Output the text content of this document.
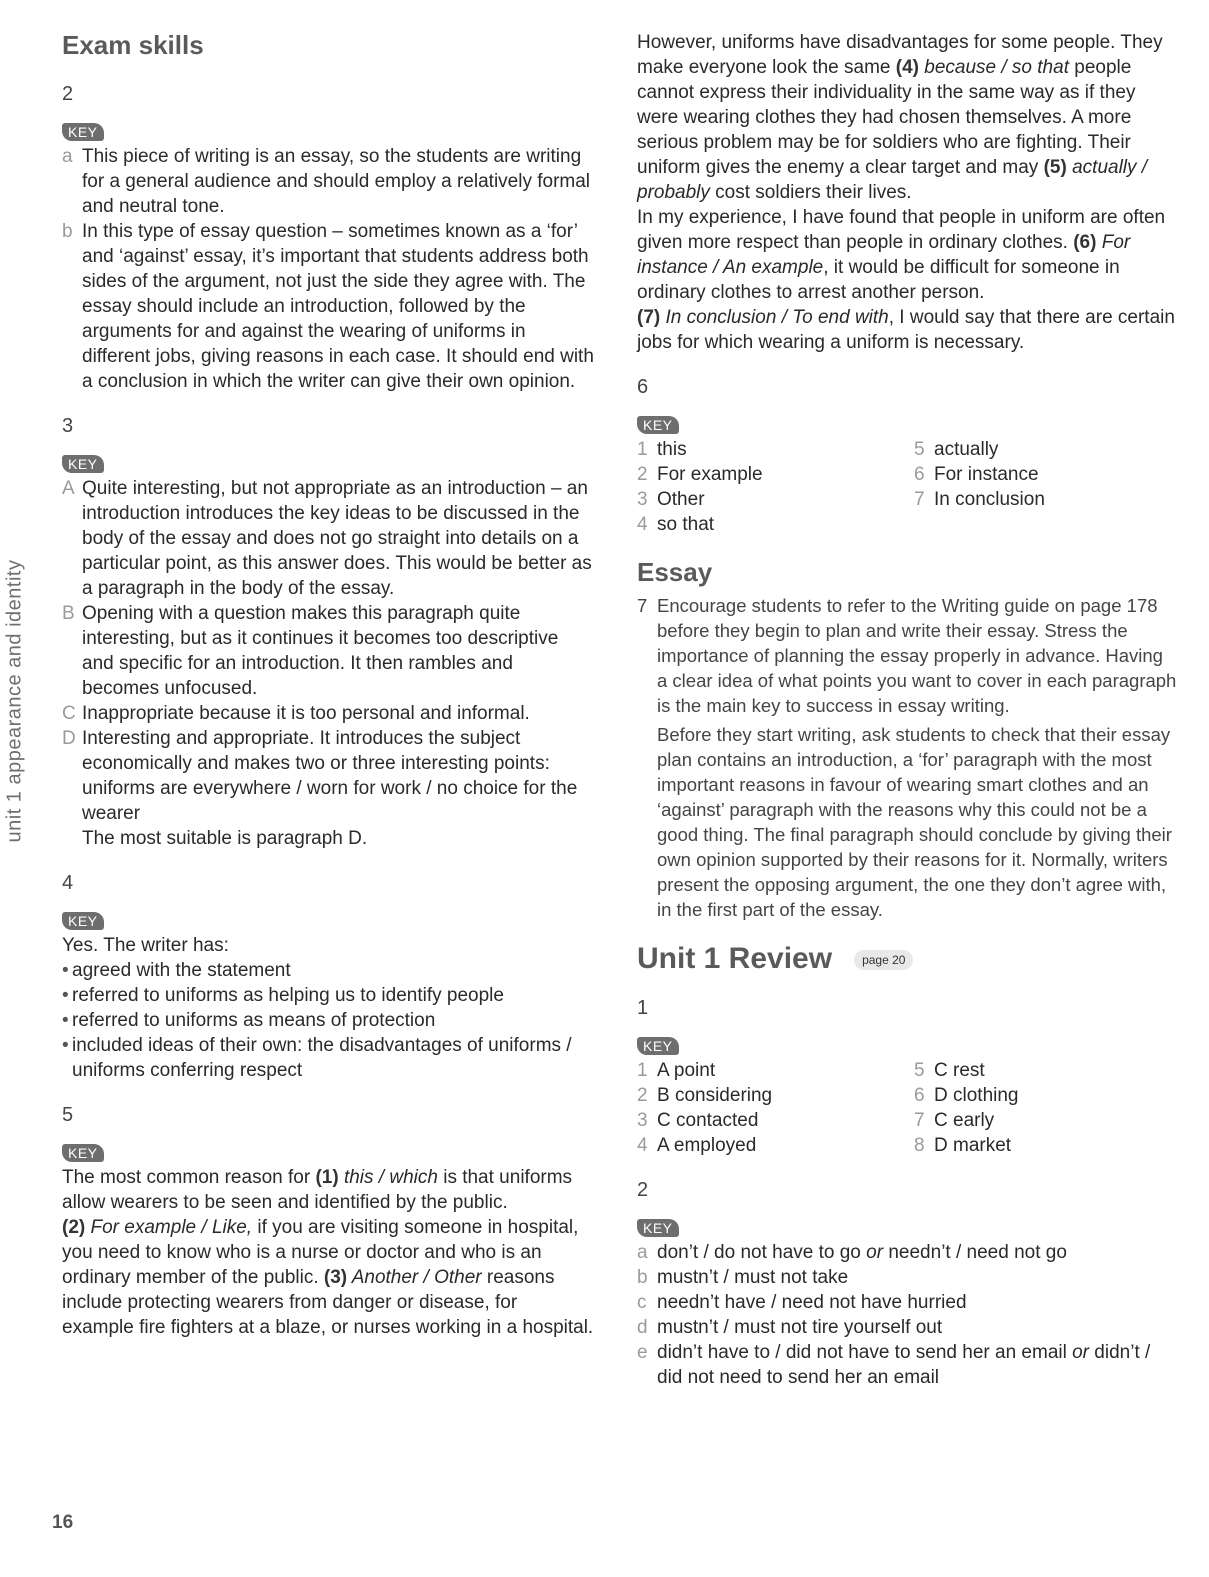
unit 1 appearance and identity
Exam skills
2
KEY
a This piece of writing is an essay, so the students are writing for a general audience and should employ a relatively formal and neutral tone.
b In this type of essay question – sometimes known as a ‘for’ and ‘against’ essay, it’s important that students address both sides of the argument, not just the side they agree with. The essay should include an introduction, followed by the arguments for and against the wearing of uniforms in different jobs, giving reasons in each case. It should end with a conclusion in which the writer can give their own opinion.
3
KEY
A Quite interesting, but not appropriate as an introduction – an introduction introduces the key ideas to be discussed in the body of the essay and does not go straight into details on a particular point, as this answer does. This would be better as a paragraph in the body of the essay.
B Opening with a question makes this paragraph quite interesting, but as it continues it becomes too descriptive and specific for an introduction. It then rambles and becomes unfocused.
C Inappropriate because it is too personal and informal.
D Interesting and appropriate. It introduces the subject economically and makes two or three interesting points: uniforms are everywhere / worn for work / no choice for the wearer
The most suitable is paragraph D.
4
KEY
Yes. The writer has:
• agreed with the statement
• referred to uniforms as helping us to identify people
• referred to uniforms as means of protection
• included ideas of their own: the disadvantages of uniforms / uniforms conferring respect
5
KEY
The most common reason for (1) this / which is that uniforms allow wearers to be seen and identified by the public.
(2) For example / Like, if you are visiting someone in hospital, you need to know who is a nurse or doctor and who is an ordinary member of the public. (3) Another / Other reasons include protecting wearers from danger or disease, for example fire fighters at a blaze, or nurses working in a hospital.
However, uniforms have disadvantages for some people. They make everyone look the same (4) because / so that people cannot express their individuality in the same way as if they were wearing clothes they had chosen themselves. A more serious problem may be for soldiers who are fighting. Their uniform gives the enemy a clear target and may (5) actually / probably cost soldiers their lives.
In my experience, I have found that people in uniform are often given more respect than people in ordinary clothes. (6) For instance / An example, it would be difficult for someone in ordinary clothes to arrest another person.
(7) In conclusion / To end with, I would say that there are certain jobs for which wearing a uniform is necessary.
6
KEY
1 this
2 For example
3 Other
4 so that
5 actually
6 For instance
7 In conclusion
Essay
7 Encourage students to refer to the Writing guide on page 178 before they begin to plan and write their essay. Stress the importance of planning the essay properly in advance. Having a clear idea of what points you want to cover in each paragraph is the main key to success in essay writing.
Before they start writing, ask students to check that their essay plan contains an introduction, a ‘for’ paragraph with the most important reasons in favour of wearing smart clothes and an ‘against’ paragraph with the reasons why this could not be a good thing. The final paragraph should conclude by giving their own opinion supported by their reasons for it. Normally, writers present the opposing argument, the one they don’t agree with, in the first part of the essay.
Unit 1 Review	page 20
1
KEY
1 A point
2 B considering
3 C contacted
4 A employed
5 C rest
6 D clothing
7 C early
8 D market
2
KEY
a don’t / do not have to go or needn’t / need not go
b mustn’t / must not take
c needn’t have / need not have hurried
d mustn’t / must not tire yourself out
e didn’t have to / did not have to send her an email or didn’t / did not need to send her an email
16
